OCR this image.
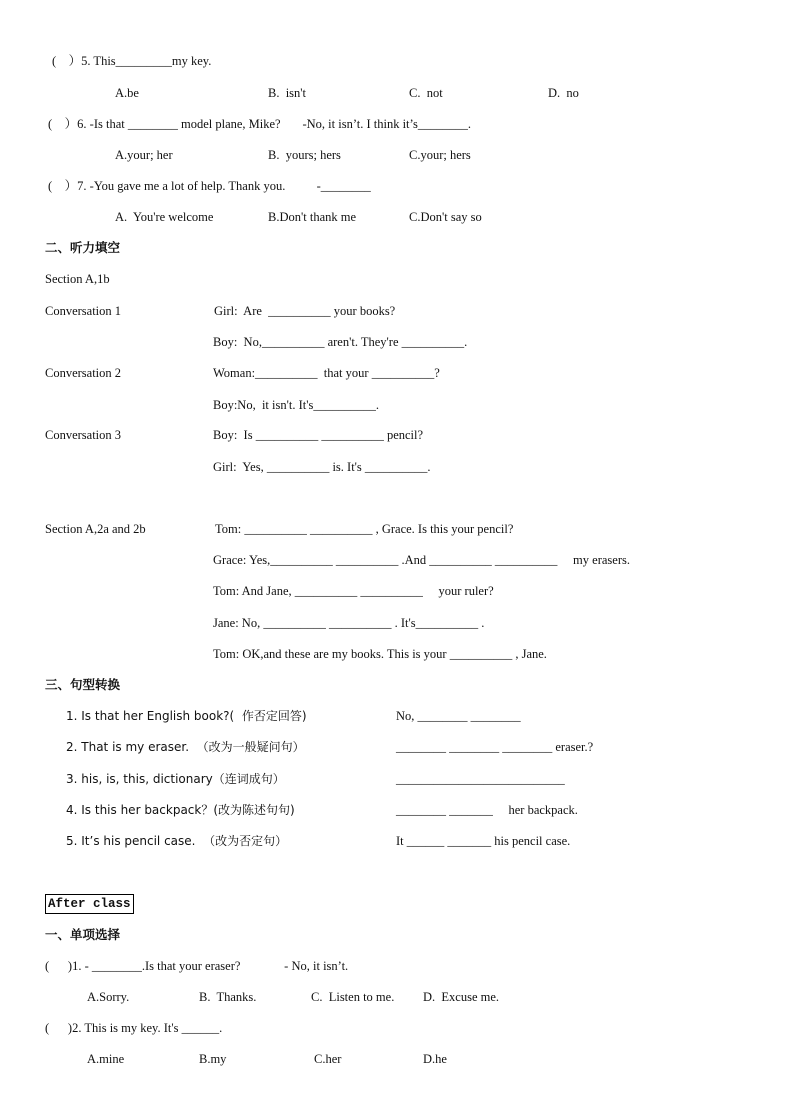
(    ）5. This_________my key.
A.be	B.  isn't	C.  not	D.  no
(    ）6. -Is that ________ model plane, Mike?       -No, it isn’t. I think it’s________.
A.your; her	B.  yours; hers	C.your; hers
(    ）7. -You gave me a lot of help. Thank you.          -________
A.  You're welcome	B.Don't thank me	C.Don't say so
二、听力填空
Section A,1b
Conversation 1	Girl:  Are  __________ your books?
Boy:  No,__________ aren't. They're __________.
Conversation 2	Woman:__________  that your __________?
Boy:No,  it isn't. It's__________.
Conversation 3	Boy:  Is __________ __________ pencil?
Girl:  Yes, __________ is. It's __________.
Section A,2a and 2b	Tom: __________ __________ , Grace. Is this your pencil?
Grace: Yes,__________ __________ .And __________ __________     my erasers.
Tom: And Jane, __________ __________     your ruler?
Jane: No, __________ __________ . It's__________ .
Tom: OK,and these are my books. This is your __________ , Jane.
三、句型转换
1. Is that her English book?(  作否定回答)	No, ________ ________
2. That is my eraser.  （改为一般疑问句）	________ ________ ________ eraser.?
3. his, is, this, dictionary（连词成句）	___________________________
4. Is this her backpack？(改为陈述句句)	________ _______     her backpack.
5. It’s his pencil case.  （改为否定句）	It ______ _______ his pencil case.
After class
一、单项选择
(      )1. - ________.Is that your eraser?              - No, it isn’t.
A.Sorry.	B.  Thanks.	C.  Listen to me. D.  Excuse me.
(      )2. This is my key. It's ______.
A.mine	B.my	C.her	D.he
